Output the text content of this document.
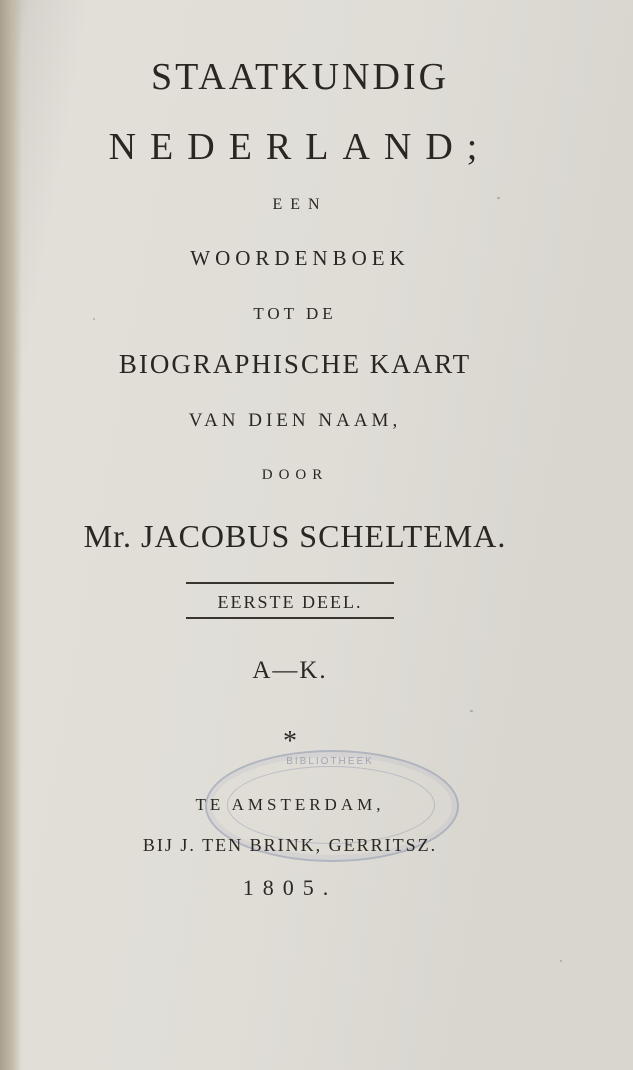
STAATKUNDIG
NEDERLAND;
EEN
WOORDENBOEK
TOT DE
BIOGRAPHISCHE KAART
VAN DIEN NAAM,
DOOR
Mr. JACOBUS SCHELTEMA.
EERSTE DEEL.
A—K.
*
BIBLIOTHEEK
TE AMSTERDAM,
BIJ J. TEN BRINK, GERRITSZ.
1805.
